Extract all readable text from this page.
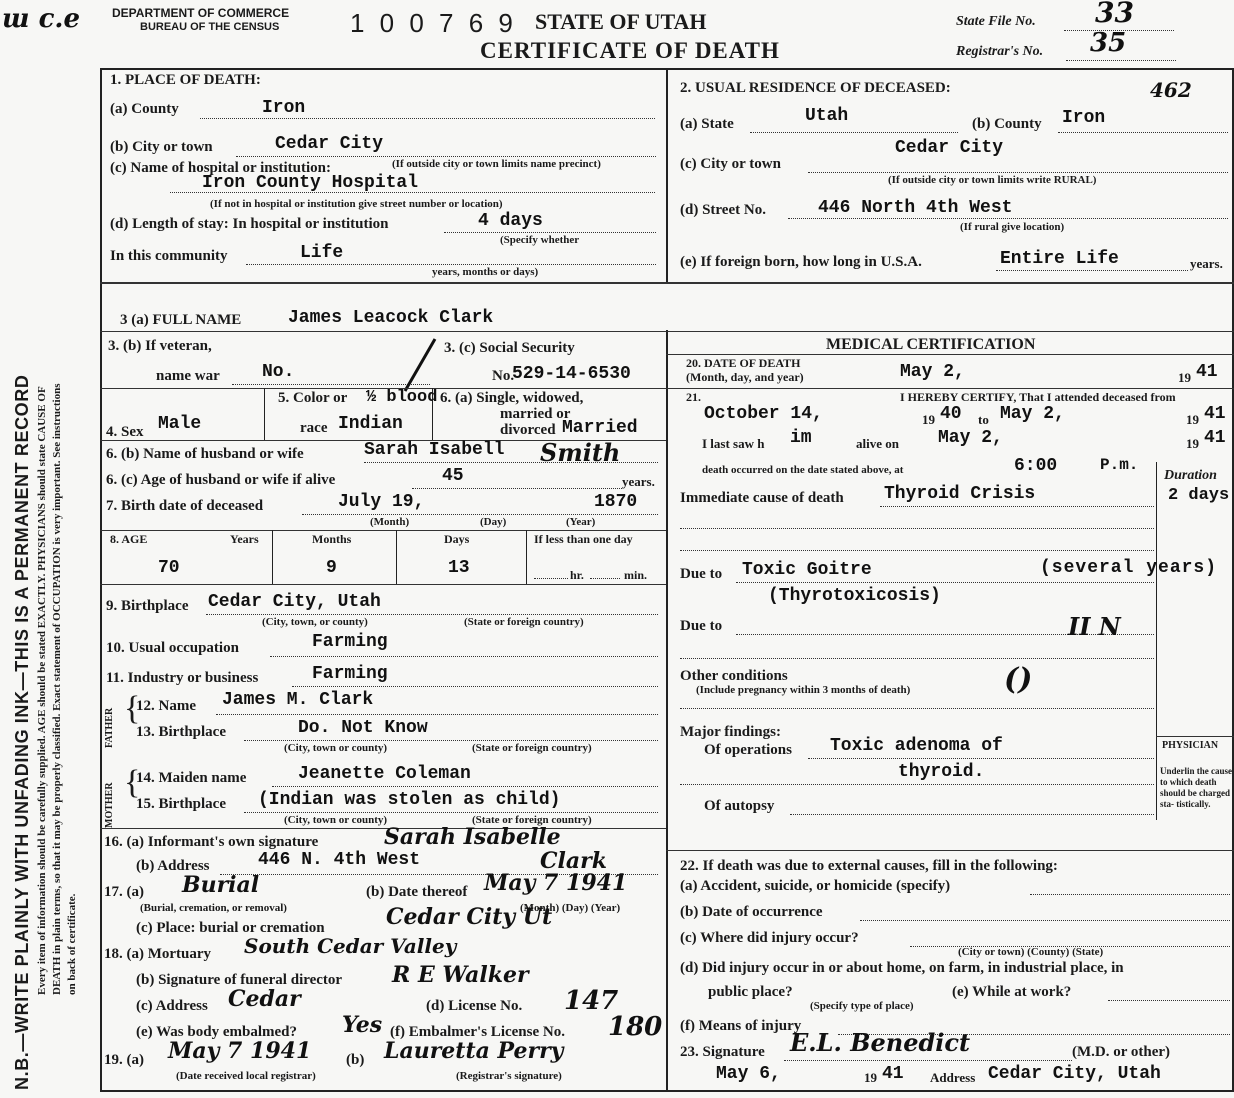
ɯ c.e
N.B.—WRITE PLAINLY WITH UNFADING INK—THIS IS A PERMANENT RECORD Every item of information should be carefully supplied. AGE should be stated EXACTLY. PHYSICIANS should state CAUSE OF DEATH in plain terms, so that it may be properly classified. Exact statement of OCCUPATION is very important. See instructions on back of certificate.
DEPARTMENT OF COMMERCE
BUREAU OF THE CENSUS	1 0 0 7 6 9 STATE OF UTAH
CERTIFICATE OF DEATH
State File No. 33
Registrar's No. 35
1. PLACE OF DEATH:
(a) County	Iron
(b) City or town	Cedar City
(c) Name of hospital or institution:	(If outside city or town limits name precinct)
Iron County Hospital
(If not in hospital or institution give street number or location)
(d) Length of stay: In hospital or institution	4 days
(Specify whether
In this community	Life
years, months or days)
2. USUAL RESIDENCE OF DECEASED:	462
(a) State	Utah	(b) County Iron
(c) City or town
Cedar City
(If outside city or town limits write RURAL)
(d) Street No.	446 North 4th West
(If rural give location)
(e) If foreign born, how long in U.S.A.	Entire Life	years.
3 (a) FULL NAME	James Leacock Clark
3. (b) If veteran,
name war No.
3. (c) Social Security
No.
529-14-6530
4. Sex Male
5. Color or ½ blood
race Indian
6. (a) Single, widowed,
married or
divorced Married
6. (b) Name of husband or wife	Sarah Isabell Smith
6. (c) Age of husband or wife if alive	45	years.
7. Birth date of deceased	July 19,	1870
(Month)	(Day)	(Year)
8. AGE	Years	Months	Days	If less than one day
70	9	13	hr.	min.
9. Birthplace Cedar City, Utah
(City, town, or county)	(State or foreign country)
10. Usual occupation	Farming
11. Industry or business	Farming
FATHER {
12. Name James M. Clark
13. Birthplace	Do. Not Know
(City, town or county)	(State or foreign country)
MOTHER {
14. Maiden name	Jeanette Coleman
15. Birthplace (Indian was stolen as child)
(City, town or county)	(State or foreign country)
16. (a) Informant's own signature	Sarah Isabelle
(b) Address	446 N. 4th West	Clark
17. (a) Burial
(Burial, cremation, or removal)
(b) Date thereof May 7 1941
(Month) (Day) (Year)
(c) Place: burial or cremation	Cedar City Ut
18. (a) Mortuary South Cedar Valley
(b) Signature of funeral director R E Walker
(c) Address Cedar	(d) License No. 147
(e) Was body embalmed? Yes (f) Embalmer's License No. 180
19. (a) May 7 1941 (b) Lauretta Perry
(Date received local registrar)	(Registrar's signature)
MEDICAL CERTIFICATION
20. DATE OF DEATH
(Month, day, and year)	May 2,	19 41
21.	I HEREBY CERTIFY, That I attended deceased from
October 14,	19 40 to May 2,	19 41
I last saw h im	alive on May 2,	19 41
death occurred on the date stated above, at	6:00	P.m.
Duration
Immediate cause of death Thyroid Crisis	2 days
Due to Toxic Goitre	(several years)
(Thyrotoxicosis)
Due to	II N
Other conditions
(Include pregnancy within 3 months of death)	()
Major findings:
Of operations Toxic adenoma of
thyroid.
Of autopsy
PHYSICIAN
Underlin the cause to which death should be charged sta- tistically.
22. If death was due to external causes, fill in the following:
(a) Accident, suicide, or homicide (specify)
(b) Date of occurrence
(c) Where did injury occur?
(City or town) (County) (State)
(d) Did injury occur in or about home, on farm, in industrial place, in
public place?
(Specify type of place)
(e) While at work?
(f) Means of injury
23. Signature E.L. Benedict	(M.D. or other)
May 6,	19 41 Address Cedar City, Utah
